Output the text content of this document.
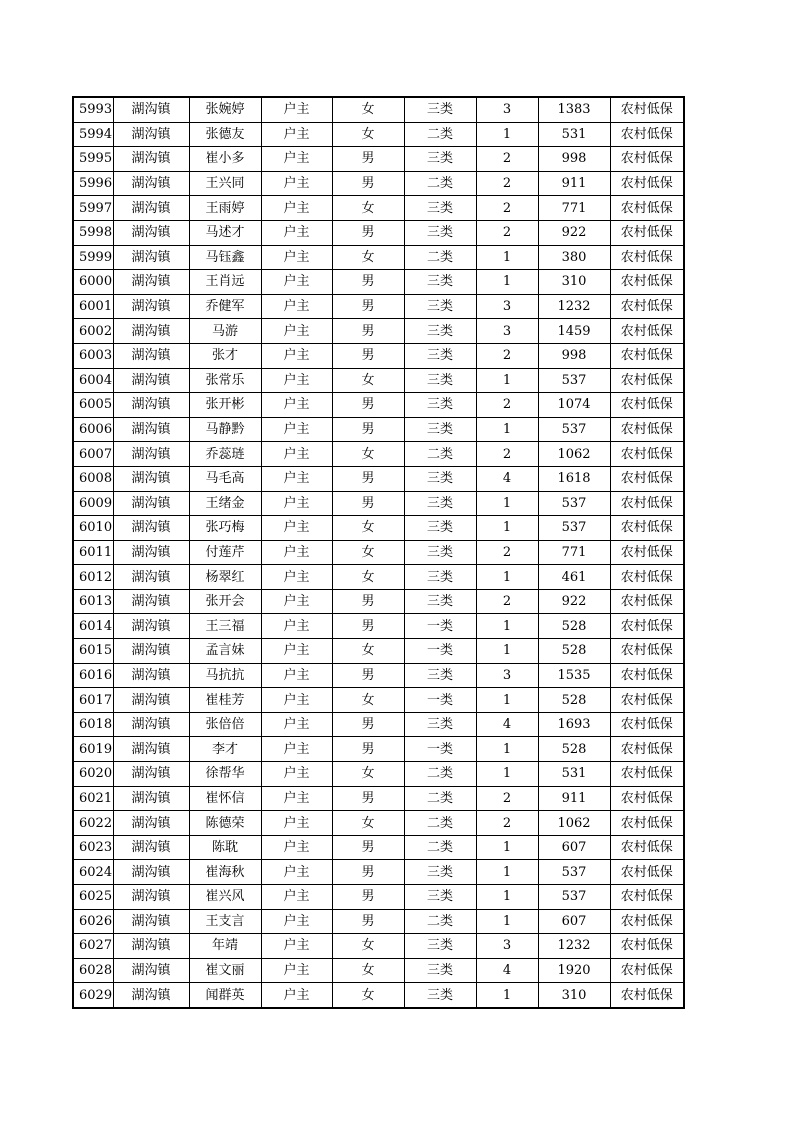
5993	湖沟镇	张婉婷	户主	女	三类	3	1383	农村低保
5994	湖沟镇	张德友	户主	女	二类	1	531	农村低保
5995	湖沟镇	崔小多	户主	男	三类	2	998	农村低保
5996	湖沟镇	王兴同	户主	男	二类	2	911	农村低保
5997	湖沟镇	王雨婷	户主	女	三类	2	771	农村低保
5998	湖沟镇	马述才	户主	男	三类	2	922	农村低保
5999	湖沟镇	马钰鑫	户主	女	二类	1	380	农村低保
6000	湖沟镇	王肖远	户主	男	三类	1	310	农村低保
6001	湖沟镇	乔健军	户主	男	三类	3	1232	农村低保
6002	湖沟镇	马游	户主	男	三类	3	1459	农村低保
6003	湖沟镇	张才	户主	男	三类	2	998	农村低保
6004	湖沟镇	张常乐	户主	女	三类	1	537	农村低保
6005	湖沟镇	张开彬	户主	男	三类	2	1074	农村低保
6006	湖沟镇	马静黔	户主	男	三类	1	537	农村低保
6007	湖沟镇	乔蕊琏	户主	女	二类	2	1062	农村低保
6008	湖沟镇	马毛高	户主	男	三类	4	1618	农村低保
6009	湖沟镇	王绪金	户主	男	三类	1	537	农村低保
6010	湖沟镇	张巧梅	户主	女	三类	1	537	农村低保
6011	湖沟镇	付莲芹	户主	女	三类	2	771	农村低保
6012	湖沟镇	杨翠红	户主	女	三类	1	461	农村低保
6013	湖沟镇	张开会	户主	男	三类	2	922	农村低保
6014	湖沟镇	王三福	户主	男	一类	1	528	农村低保
6015	湖沟镇	孟言妹	户主	女	一类	1	528	农村低保
6016	湖沟镇	马抗抗	户主	男	三类	3	1535	农村低保
6017	湖沟镇	崔桂芳	户主	女	一类	1	528	农村低保
6018	湖沟镇	张倍倍	户主	男	三类	4	1693	农村低保
6019	湖沟镇	李才	户主	男	一类	1	528	农村低保
6020	湖沟镇	徐帮华	户主	女	二类	1	531	农村低保
6021	湖沟镇	崔怀信	户主	男	二类	2	911	农村低保
6022	湖沟镇	陈德荣	户主	女	二类	2	1062	农村低保
6023	湖沟镇	陈耽	户主	男	二类	1	607	农村低保
6024	湖沟镇	崔海秋	户主	男	三类	1	537	农村低保
6025	湖沟镇	崔兴风	户主	男	三类	1	537	农村低保
6026	湖沟镇	王支言	户主	男	二类	1	607	农村低保
6027	湖沟镇	年靖	户主	女	三类	3	1232	农村低保
6028	湖沟镇	崔文丽	户主	女	三类	4	1920	农村低保
6029	湖沟镇	闻群英	户主	女	三类	1	310	农村低保
